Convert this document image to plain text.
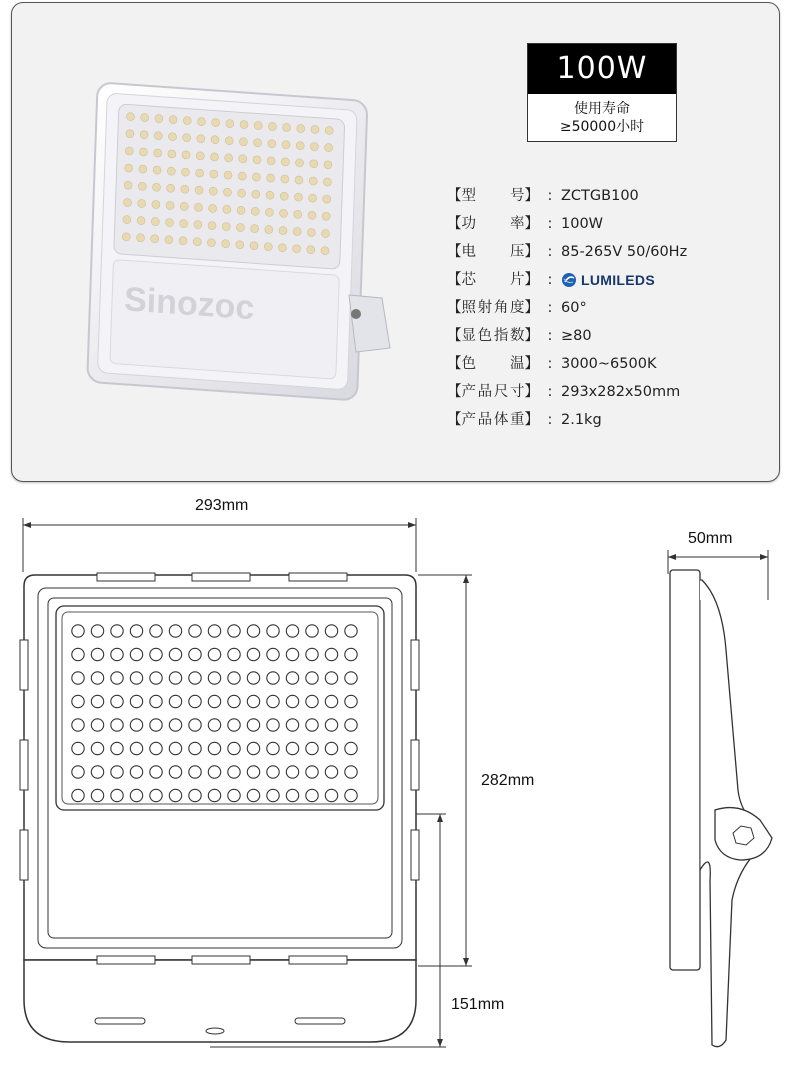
Sinozoc
100W
使用寿命
≥50000小时
【 型号 】 : ZCTGB100
【 功率 】 : 100W
【 电压 】 : 85-265V 50/60Hz
【 芯片 】 :	LUMILEDS
【 照射角度 】 : 60°
【 显色指数 】 : ≥80
【 色温 】 : 3000~6500K
【 产品尺寸 】 : 293x282x50mm
【 产品体重 】 : 2.1kg
293mm
282mm
50mm
151mm
